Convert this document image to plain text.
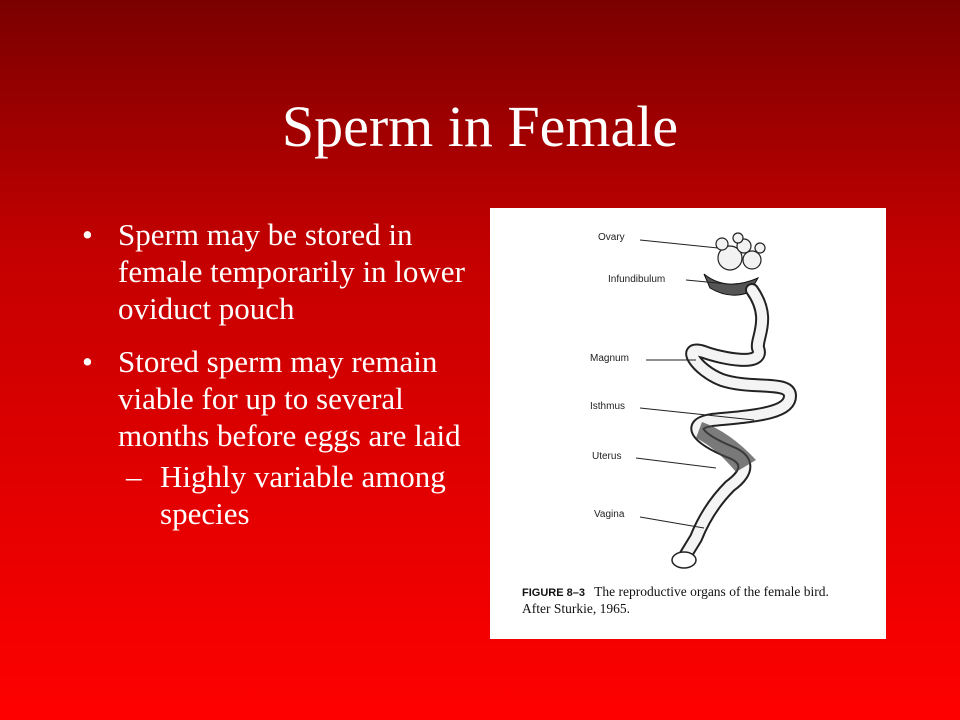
Sperm in Female
• Sperm may be stored in female temporarily in lower oviduct pouch
• Stored sperm may remain viable for up to several months before eggs are laid
– Highly variable among species
Ovary
Infundibulum
Magnum
Isthmus
Uterus
Vagina
FIGURE 8–3 The reproductive organs of the female bird.
After Sturkie, 1965.
